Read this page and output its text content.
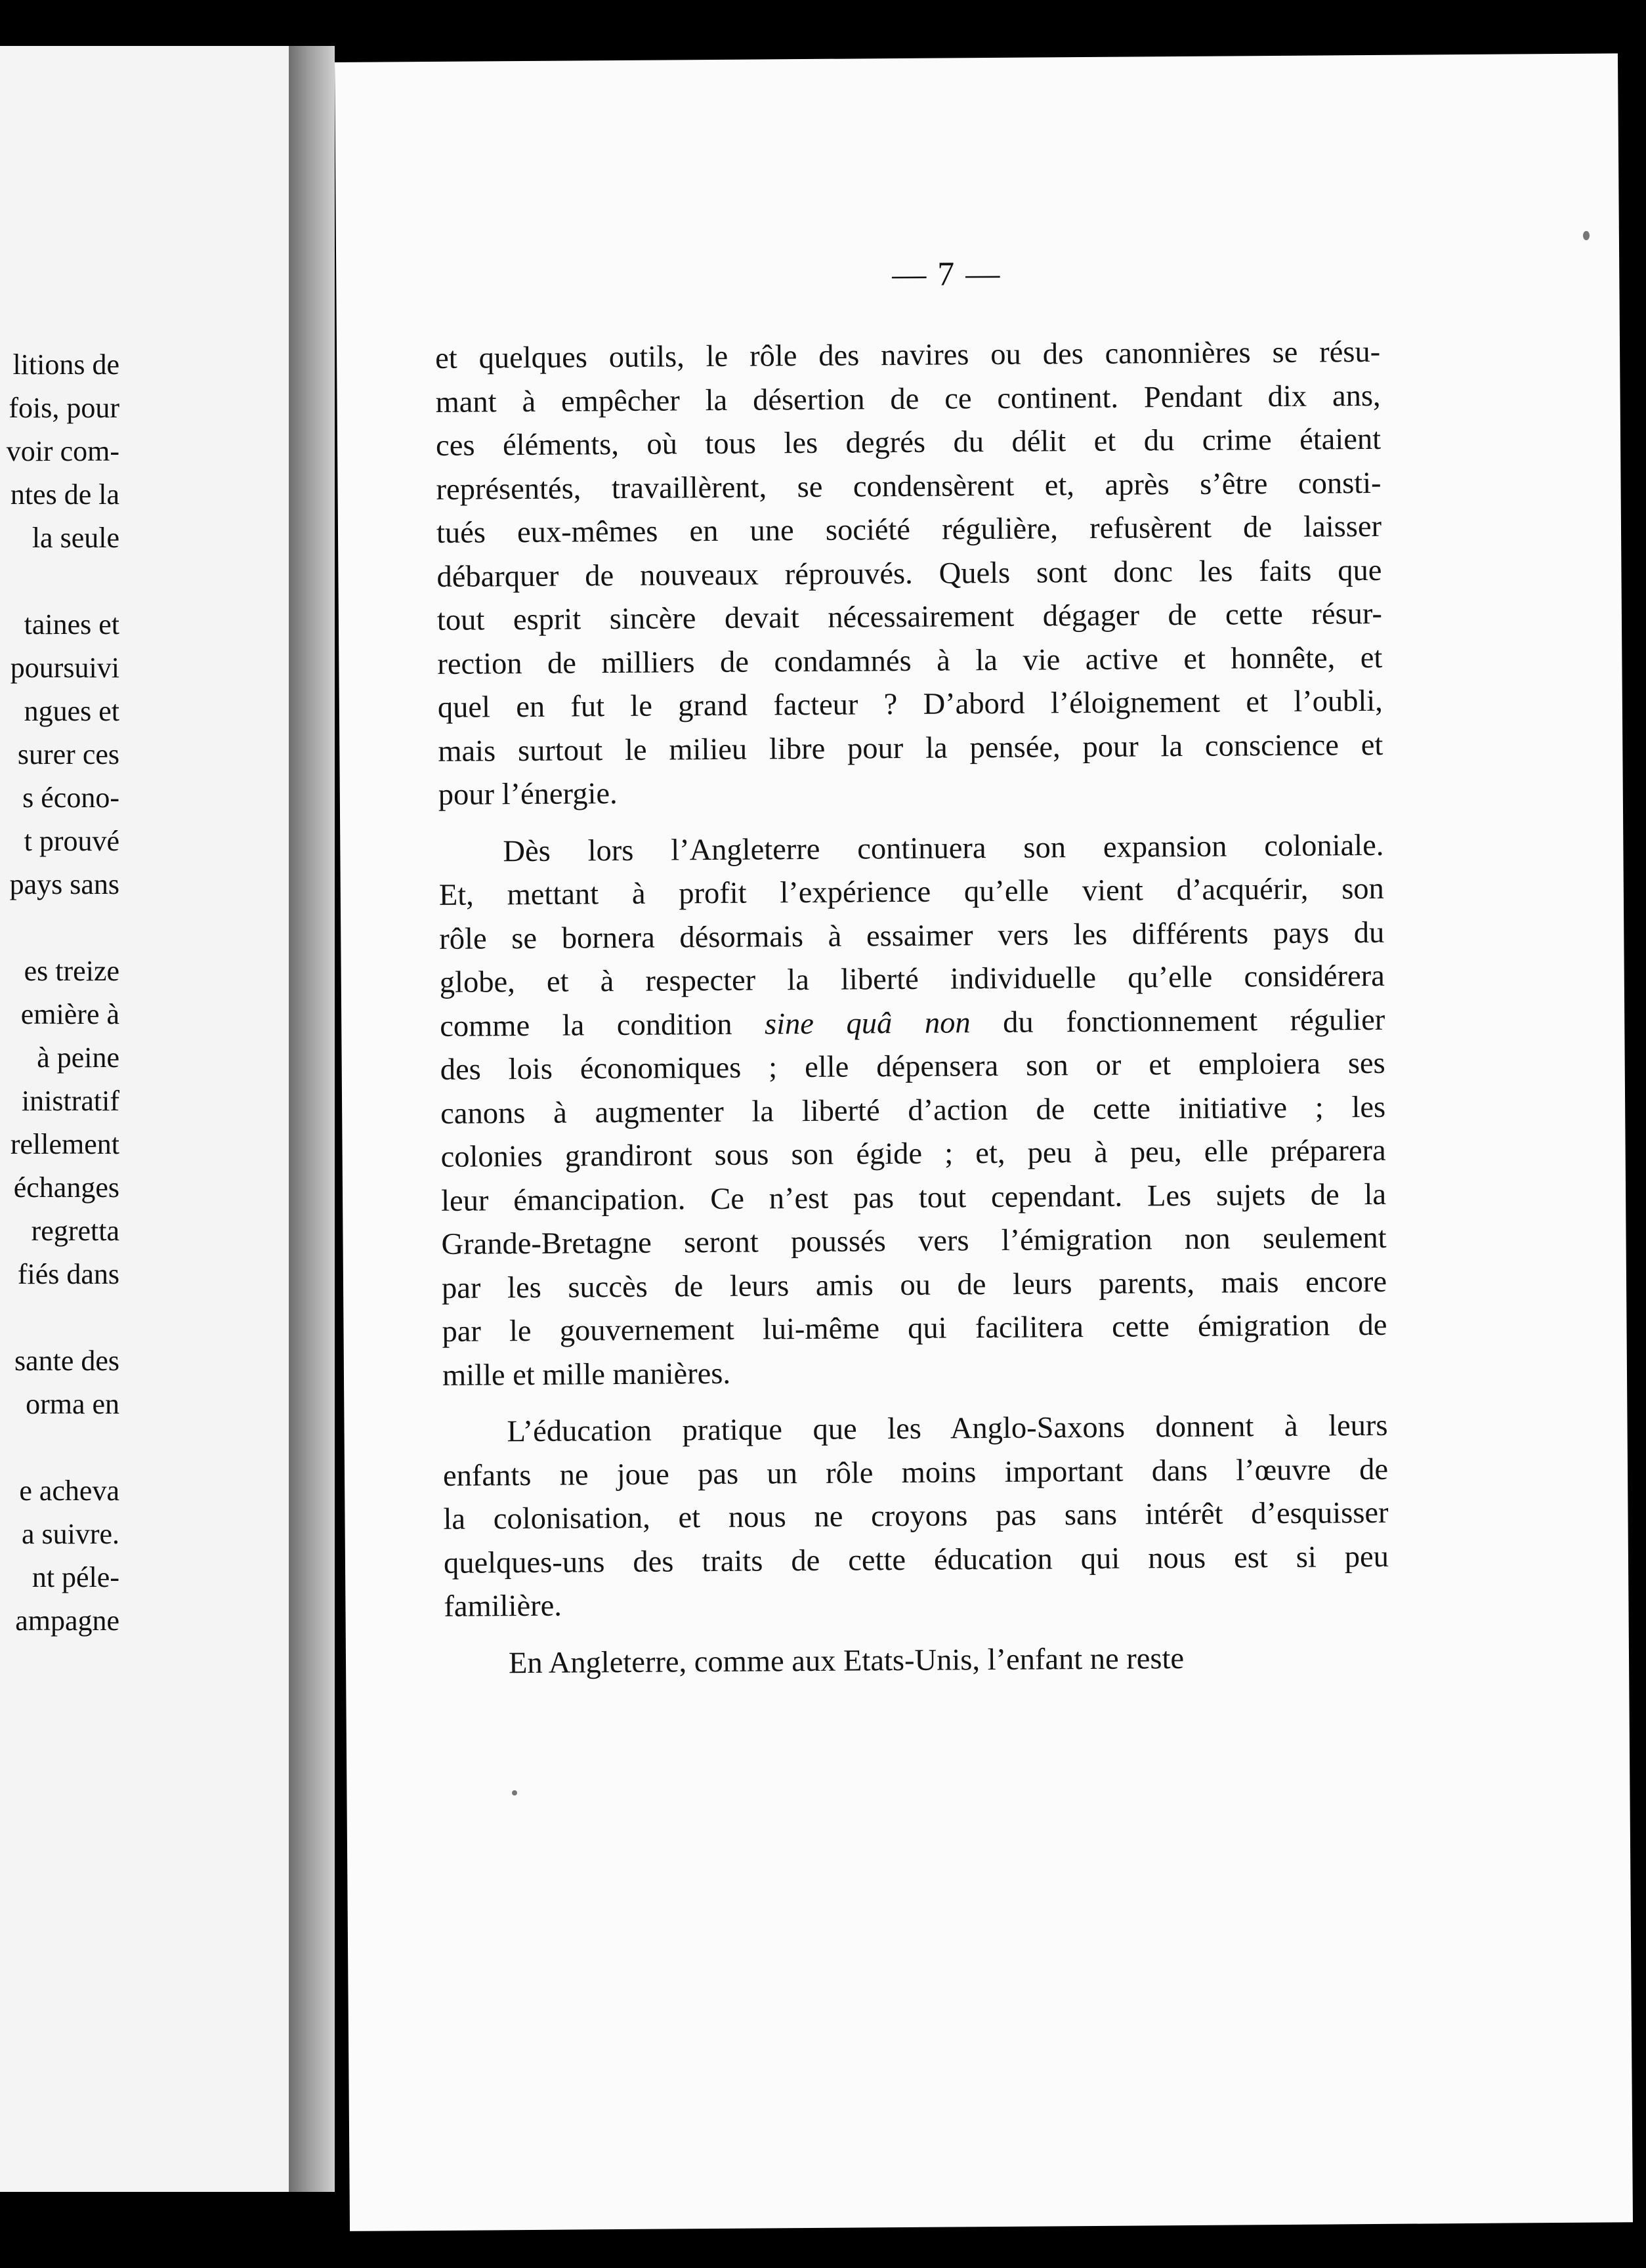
litions de
fois, pour
voir com-
ntes de la
la seule
taines et
poursuivi
ngues et
surer ces
s écono-
t prouvé
pays sans
es treize
emière à
à peine
inistratif
rellement
échanges
regretta
fiés dans
sante des
orma en
e acheva
a suivre.
nt péle-
ampagne
— 7 —
et quelques outils, le rôle des navires ou des canonnières se résu-
mant à empêcher la désertion de ce continent. Pendant dix ans,
ces éléments, où tous les degrés du délit et du crime étaient
représentés, travaillèrent, se condensèrent et, après s’être consti-
tués eux-mêmes en une société régulière, refusèrent de laisser
débarquer de nouveaux réprouvés. Quels sont donc les faits que
tout esprit sincère devait nécessairement dégager de cette résur-
rection de milliers de condamnés à la vie active et honnête, et
quel en fut le grand facteur ? D’abord l’éloignement et l’oubli,
mais surtout le milieu libre pour la pensée, pour la conscience et
pour l’énergie.
Dès lors l’Angleterre continuera son expansion coloniale.
Et, mettant à profit l’expérience qu’elle vient d’acquérir, son
rôle se bornera désormais à essaimer vers les différents pays du
globe, et à respecter la liberté individuelle qu’elle considérera
comme la condition sine quâ non du fonctionnement régulier
des lois économiques ; elle dépensera son or et emploiera ses
canons à augmenter la liberté d’action de cette initiative ; les
colonies grandiront sous son égide ; et, peu à peu, elle préparera
leur émancipation. Ce n’est pas tout cependant. Les sujets de la
Grande-Bretagne seront poussés vers l’émigration non seulement
par les succès de leurs amis ou de leurs parents, mais encore
par le gouvernement lui-même qui facilitera cette émigration de
mille et mille manières.
L’éducation pratique que les Anglo-Saxons donnent à leurs
enfants ne joue pas un rôle moins important dans l’œuvre de
la colonisation, et nous ne croyons pas sans intérêt d’esquisser
quelques-uns des traits de cette éducation qui nous est si peu
familière.
En Angleterre, comme aux Etats-Unis, l’enfant ne reste
